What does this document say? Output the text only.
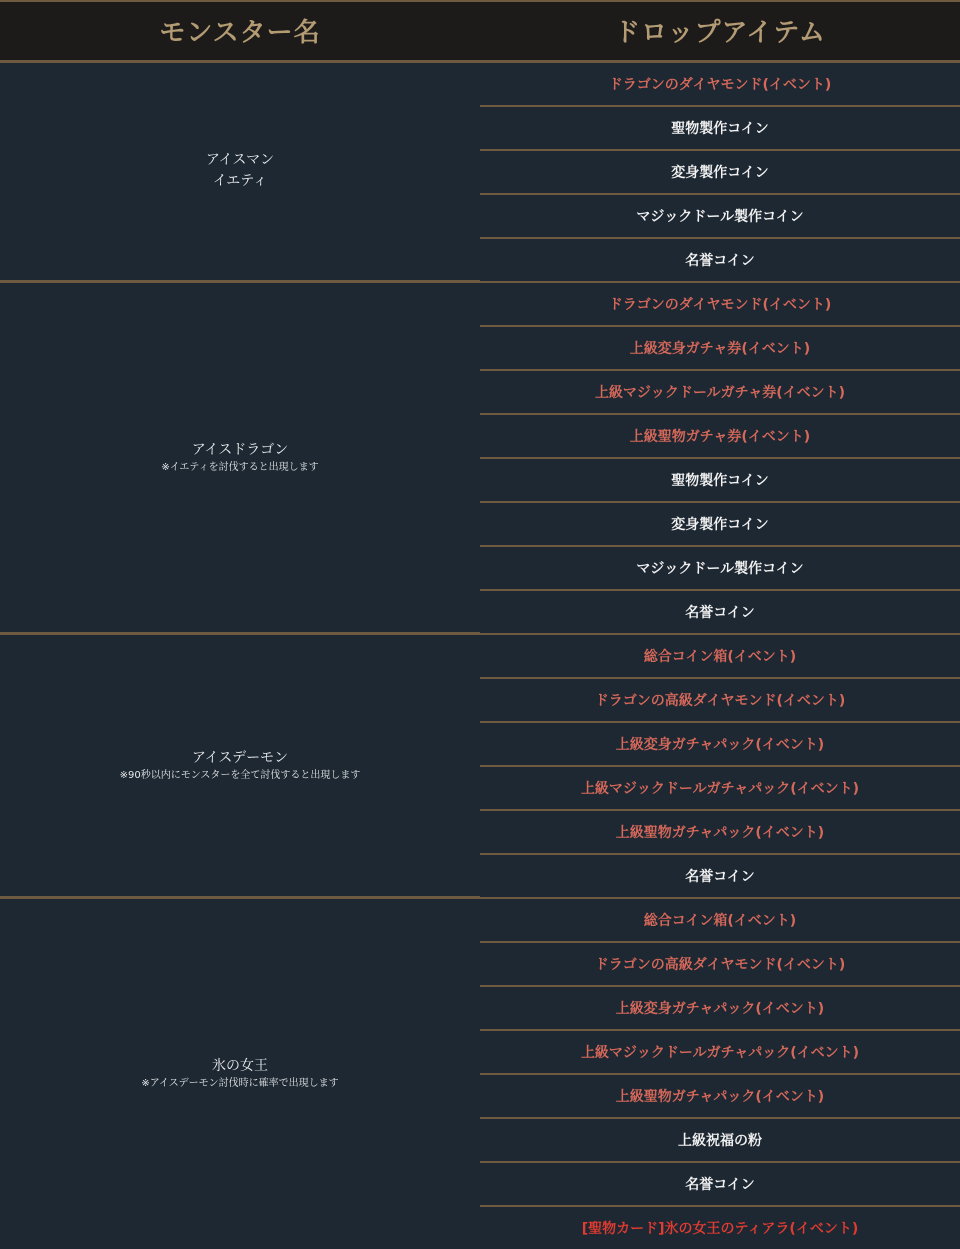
モンスター名	ドロップアイテム

アイスマン
イエティ	ドラゴンのダイヤモンド(イベント)
	聖物製作コイン
	変身製作コイン
	マジックドール製作コイン
	名誉コイン

アイスドラゴン
※イエティを討伐すると出現します	ドラゴンのダイヤモンド(イベント)
	上級変身ガチャ券(イベント)
	上級マジックドールガチャ券(イベント)
	上級聖物ガチャ券(イベント)
	聖物製作コイン
	変身製作コイン
	マジックドール製作コイン
	名誉コイン

アイスデーモン
※90秒以内にモンスターを全て討伐すると出現します	総合コイン箱(イベント)
	ドラゴンの高級ダイヤモンド(イベント)
	上級変身ガチャパック(イベント)
	上級マジックドールガチャパック(イベント)
	上級聖物ガチャパック(イベント)
	名誉コイン

氷の女王
※アイスデーモン討伐時に確率で出現します	総合コイン箱(イベント)
	ドラゴンの高級ダイヤモンド(イベント)
	上級変身ガチャパック(イベント)
	上級マジックドールガチャパック(イベント)
	上級聖物ガチャパック(イベント)
	上級祝福の粉
	名誉コイン
	[聖物カード]氷の女王のティアラ(イベント)
